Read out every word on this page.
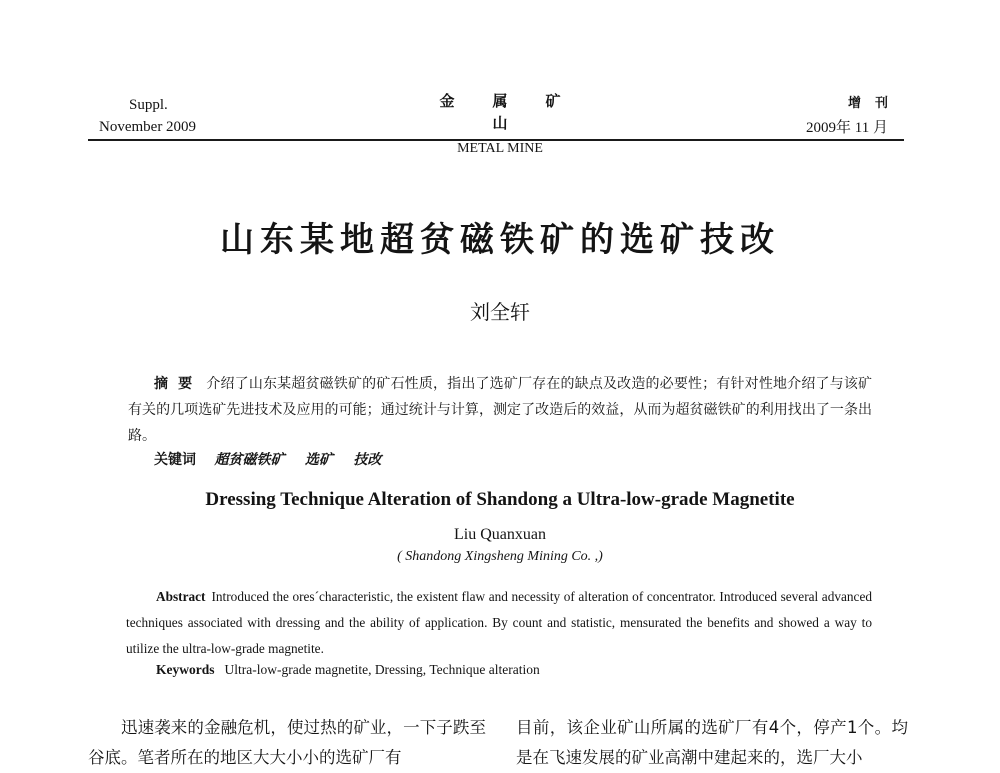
Suppl.
November 2009
金属矿山
METAL MINE
增刊
2009年 11 月
山东某地超贫磁铁矿的选矿技改
刘全轩
摘要 介绍了山东某超贫磁铁矿的矿石性质，指出了选矿厂存在的缺点及改造的必要性；有针对性地介绍了与该矿有关的几项选矿先进技术及应用的可能；通过统计与计算，测定了改造后的效益，从而为超贫磁铁矿的利用找出了一条出路。
关键词 超贫磁铁矿 选矿 技改
Dressing Technique Alteration of Shandong a Ultra-low-grade Magnetite
Liu Quanxuan
( Shandong Xingsheng Mining Co. ,)
Abstract Introduced the ores´characteristic, the existent flaw and necessity of alteration of concentrator. Introduced several advanced techniques associated with dressing and the ability of application. By count and statistic, mensurated the benefits and showed a way to utilize the ultra-low-grade magnetite.
Keywords Ultra-low-grade magnetite, Dressing, Technique alteration
迅速袭来的金融危机，使过热的矿业，一下子跌至谷底。笔者所在的地区大大小小的选矿厂有
目前，该企业矿山所属的选矿厂有4个，停产1个。均是在飞速发展的矿业高潮中建起来的，选厂大小
